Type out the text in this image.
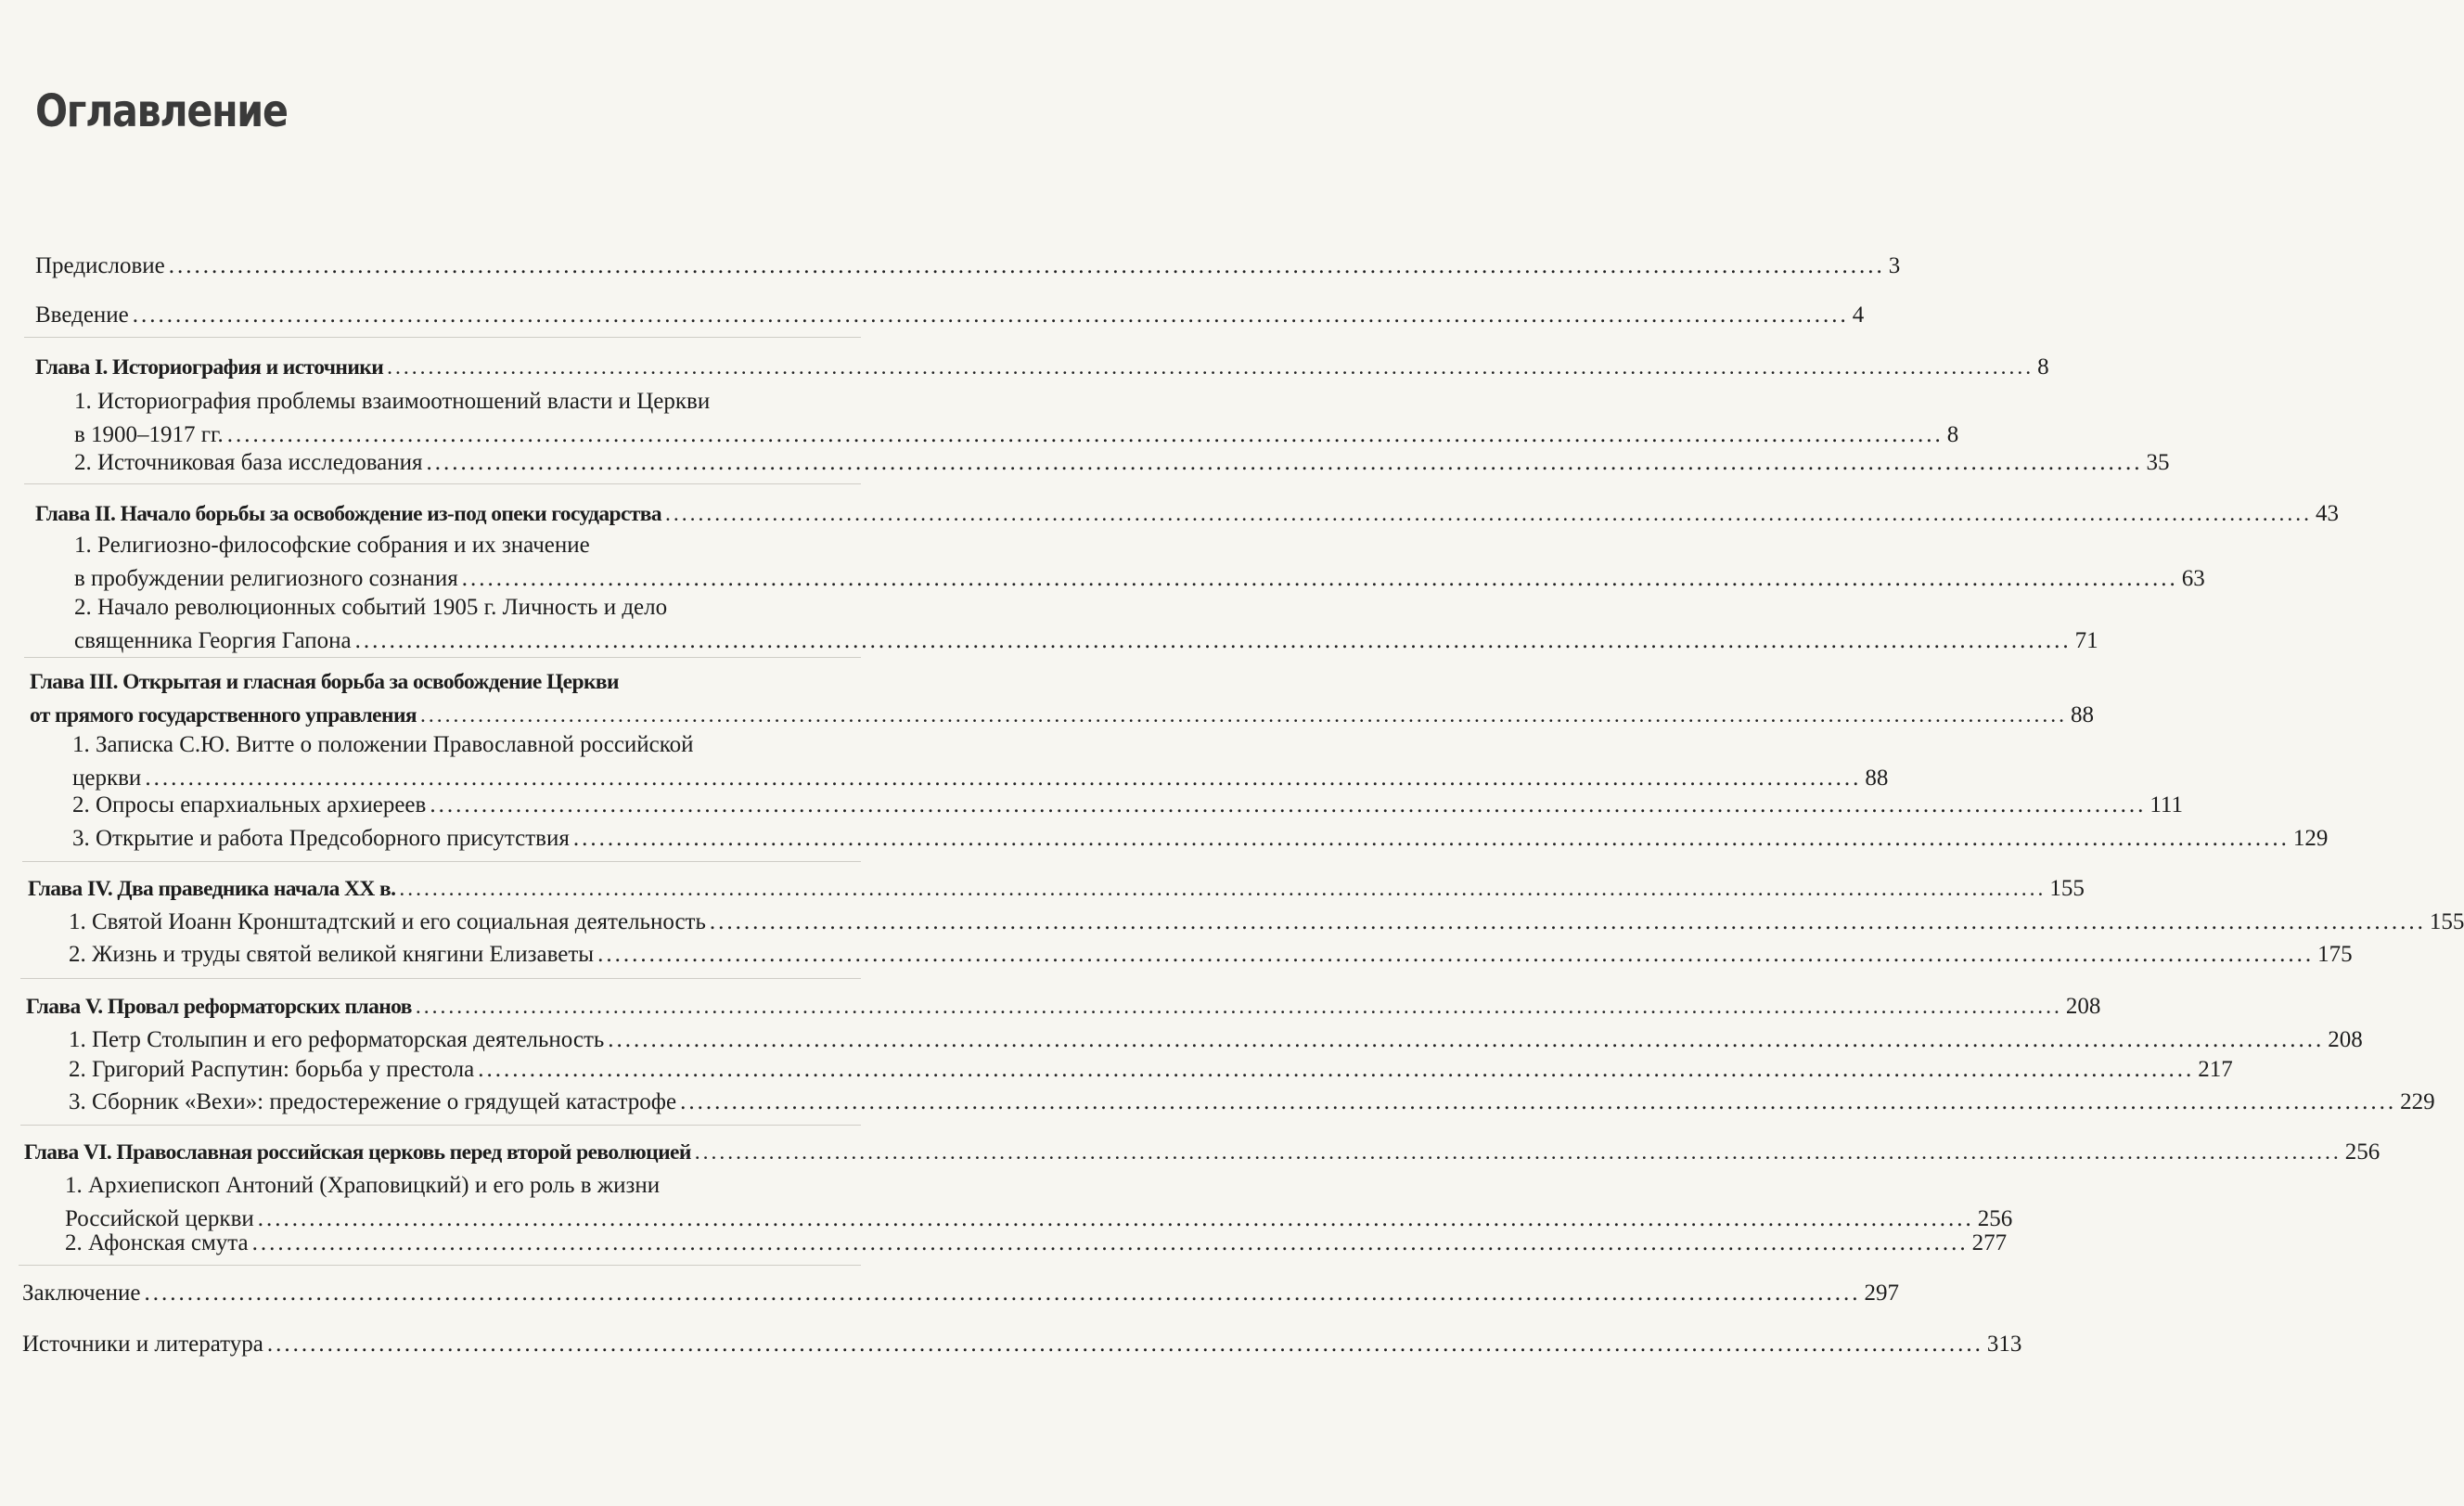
Оглавление
Предисловие ........................................................................................................................................................................................................ 3
Введение ........................................................................................................................................................................................................ 4
Глава I. Историография и источники ........................................................................................................................................................................................................ 8
1. Историография проблемы взаимоотношений власти и Церкви
в 1900–1917 гг. ........................................................................................................................................................................................................ 8
2. Источниковая база исследования ........................................................................................................................................................................................................ 35
Глава II. Начало борьбы за освобождение из-под опеки государства ........................................................................................................................................................................................................ 43
1. Религиозно-философские собрания и их значение
в пробуждении религиозного сознания ........................................................................................................................................................................................................ 63
2. Начало революционных событий 1905 г. Личность и дело
священника Георгия Гапона ........................................................................................................................................................................................................ 71
Глава III. Открытая и гласная борьба за освобождение Церкви
от прямого государственного управления ........................................................................................................................................................................................................ 88
1. Записка С.Ю. Витте о положении Православной российской
церкви ........................................................................................................................................................................................................ 88
2. Опросы епархиальных архиереев ........................................................................................................................................................................................................ 111
3. Открытие и работа Предсоборного присутствия ........................................................................................................................................................................................................ 129
Глава IV. Два праведника начала XX в. ........................................................................................................................................................................................................ 155
1. Святой Иоанн Кронштадтский и его социальная деятельность ........................................................................................................................................................................................................ 155
2. Жизнь и труды святой великой княгини Елизаветы ........................................................................................................................................................................................................ 175
Глава V. Провал реформаторских планов ........................................................................................................................................................................................................ 208
1. Петр Столыпин и его реформаторская деятельность ........................................................................................................................................................................................................ 208
2. Григорий Распутин: борьба у престола ........................................................................................................................................................................................................ 217
3. Сборник «Вехи»: предостережение о грядущей катастрофе ........................................................................................................................................................................................................ 229
Глава VI. Православная российская церковь перед второй революцией ........................................................................................................................................................................................................ 256
1. Архиепископ Антоний (Храповицкий) и его роль в жизни
Российской церкви ........................................................................................................................................................................................................ 256
2. Афонская смута ........................................................................................................................................................................................................ 277
Заключение ........................................................................................................................................................................................................ 297
Источники и литература ........................................................................................................................................................................................................ 313
